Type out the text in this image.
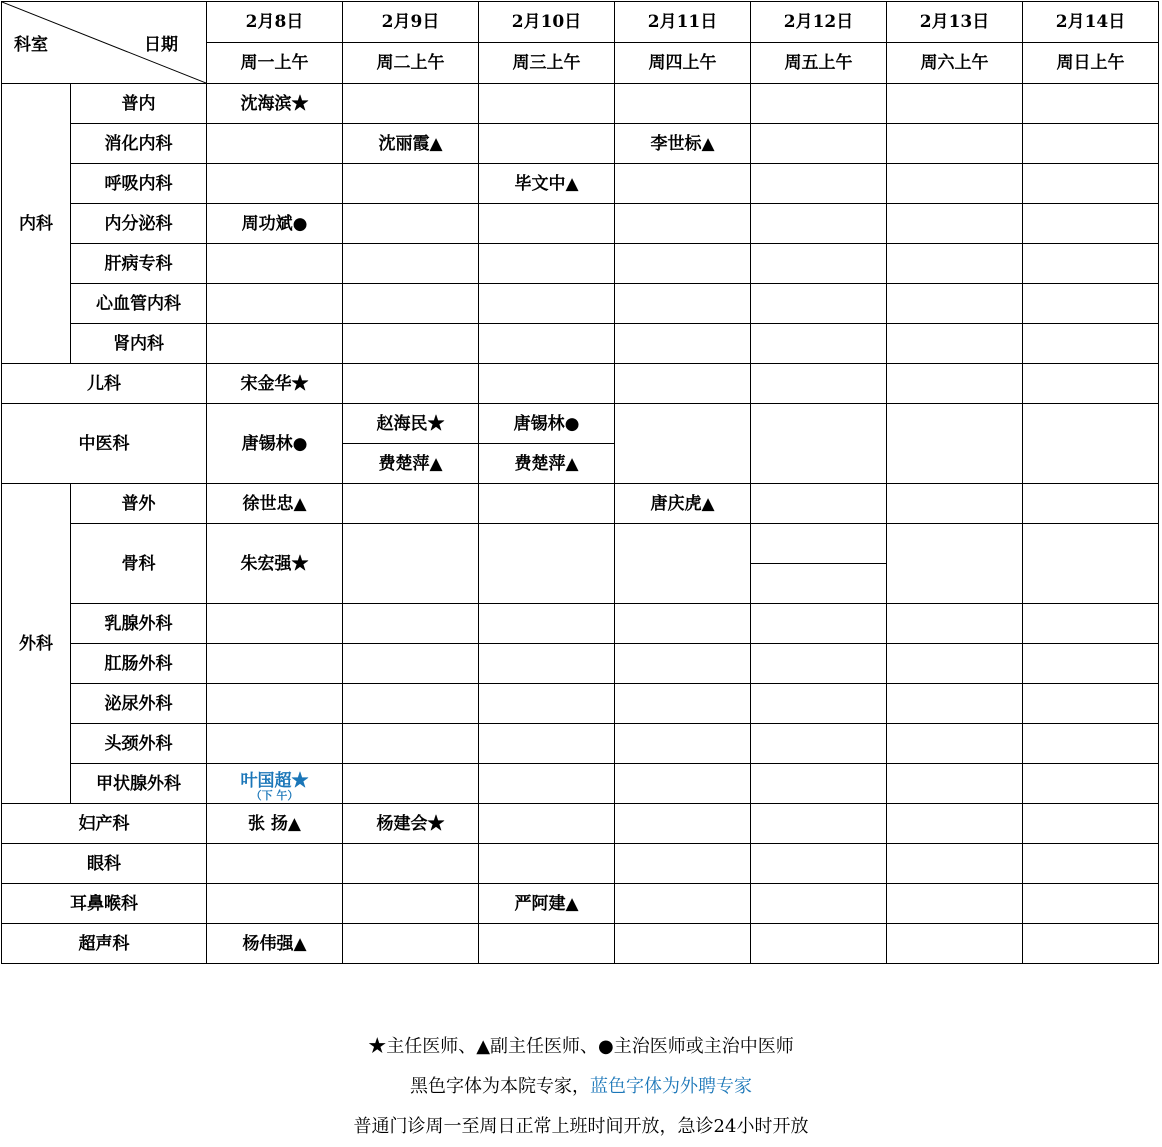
科室 日期		2月8日	2月9日	2月10日	2月11日	2月12日	2月13日	2月14日
		周一上午	周二上午	周三上午	周四上午	周五上午	周六上午	周日上午
内科	普内	沈海滨★						
	消化内科		沈丽霞▲		李世标▲			
	呼吸内科			毕文中▲				
	内分泌科	周功斌●						
	肝病专科							
	心血管内科							
	肾内科							
儿科		宋金华★						
中医科		唐锡林●	赵海民★	唐锡林●				
			费楚萍▲	费楚萍▲				
外科	普外	徐世忠▲			唐庆虎▲			
	骨科	朱宏强★						

	乳腺外科							
	肛肠外科							
	泌尿外科							
	头颈外科							
	甲状腺外科	叶国超★
（下 午）						

妇产科		张 扬▲	杨建会★					
眼科								
耳鼻喉科				严阿建▲				
超声科		杨伟强▲						
★主任医师、▲副主任医师、●主治医师或主治中医师
黑色字体为本院专家，蓝色字体为外聘专家
普通门诊周一至周日正常上班时间开放，急诊24小时开放
